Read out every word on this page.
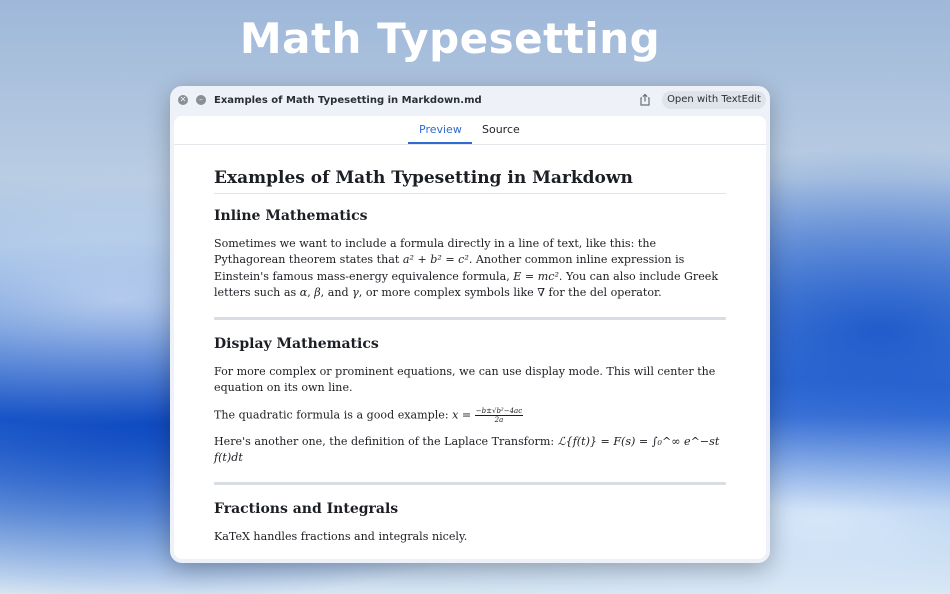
Math Typesetting
✕	–	Examples of Math Typesetting in Markdown.md	Open with TextEdit
Preview Source
Examples of Math Typesetting in Markdown
Inline Mathematics
Sometimes we want to include a formula directly in a line of text, like this: the Pythagorean theorem states that a² + b² = c². Another common inline expression is Einstein's famous mass-energy equivalence formula, E = mc². You can also include Greek letters such as α, β, and γ, or more complex symbols like ∇ for the del operator.
Display Mathematics
For more complex or prominent equations, we can use display mode. This will center the equation on its own line.
The quadratic formula is a good example: $x = \frac{\text{−b±√b²−4ac}}{2a}$
Here's another one, the definition of the Laplace Transform: ℒ{f(t)} = F(s) = ∫₀^∞ e^−st f(t)dt
Fractions and Integrals
KaTeX handles fractions and integrals nicely.
